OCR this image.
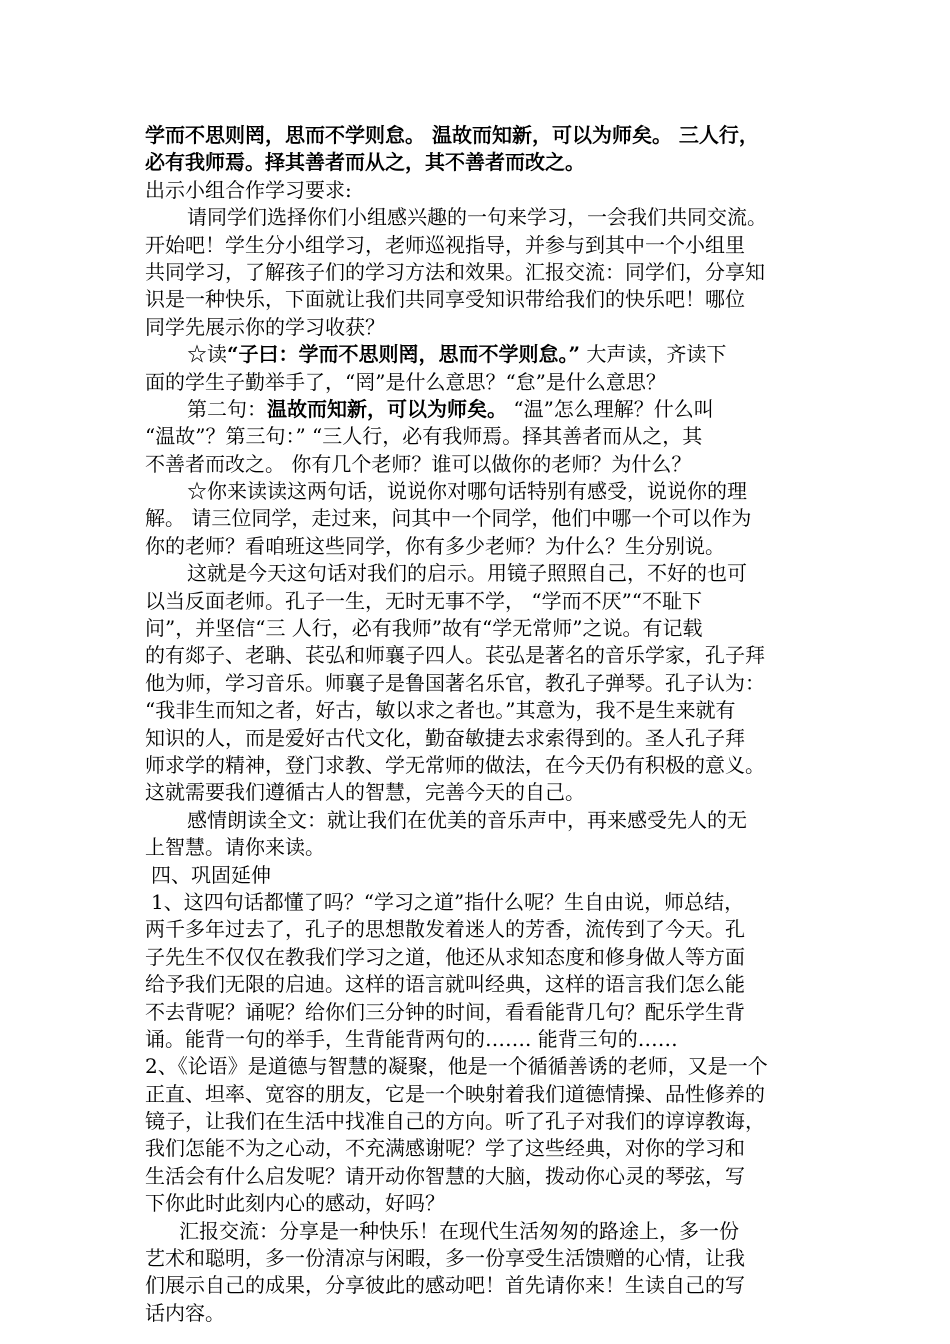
学而不思则罔，思而不学则怠。 温故而知新，可以为师矣。 三人行，
必有我师焉。择其善者而从之，其不善者而改之。
出示小组合作学习要求:
请同学们选择你们小组感兴趣的一句来学习，一会我们共同交流。
开始吧！学生分小组学习，老师巡视指导，并参与到其中一个小组里
共同学习，了解孩子们的学习方法和效果。汇报交流：同学们，分享知
识是一种快乐，下面就让我们共同享受知识带给我们的快乐吧！哪位
同学先展示你的学习收获？
☆读“子曰：学而不思则罔，思而不学则怠。” 大声读，齐读下
面的学生子勤举手了，“罔”是什么意思？“怠”是什么意思？
第二句：温故而知新，可以为师矣。 “温”怎么理解？什么叫
“温故”？第三句：” “三人行，必有我师焉。择其善者而从之，其
不善者而改之。 你有几个老师？谁可以做你的老师？为什么？
☆你来读读这两句话，说说你对哪句话特别有感受，说说你的理
解。 请三位同学，走过来，问其中一个同学，他们中哪一个可以作为
你的老师？看咱班这些同学，你有多少老师？为什么？生分别说。
这就是今天这句话对我们的启示。用镜子照照自己，不好的也可
以当反面老师。孔子一生，无时无事不学， “学而不厌”“不耻下
问”，并坚信“三 人行，必有我师”故有“学无常师”之说。有记载
的有郯子、老聃、苌弘和师襄子四人。苌弘是著名的音乐学家，孔子拜
他为师，学习音乐。师襄子是鲁国著名乐官，教孔子弹琴。孔子认为：
“我非生而知之者，好古，敏以求之者也。”其意为，我不是生来就有
知识的人，而是爱好古代文化，勤奋敏捷去求索得到的。圣人孔子拜
师求学的精神，登门求教、学无常师的做法，在今天仍有积极的意义。
这就需要我们遵循古人的智慧，完善今天的自己。
感情朗读全文：就让我们在优美的音乐声中，再来感受先人的无
上智慧。请你来读。
四、巩固延伸
1、这四句话都懂了吗？“学习之道”指什么呢？生自由说，师总结，
两千多年过去了，孔子的思想散发着迷人的芳香，流传到了今天。孔
子先生不仅仅在教我们学习之道，他还从求知态度和修身做人等方面
给予我们无限的启迪。这样的语言就叫经典，这样的语言我们怎么能
不去背呢？诵呢？给你们三分钟的时间，看看能背几句？配乐学生背
诵。能背一句的举手，生背能背两句的……. 能背三句的……
2、《论语》是道德与智慧的凝聚，他是一个循循善诱的老师，又是一个
正直、坦率、宽容的朋友，它是一个映射着我们道德情操、品性修养的
镜子，让我们在生活中找准自己的方向。听了孔子对我们的谆谆教诲，
我们怎能不为之心动，不充满感谢呢？学了这些经典，对你的学习和
生活会有什么启发呢？请开动你智慧的大脑，拨动你心灵的琴弦，写
下你此时此刻内心的感动，好吗？
汇报交流：分享是一种快乐！在现代生活匆匆的路途上，多一份
艺术和聪明，多一份清凉与闲暇，多一份享受生活馈赠的心情，让我
们展示自己的成果，分享彼此的感动吧！首先请你来！生读自己的写
话内容。
